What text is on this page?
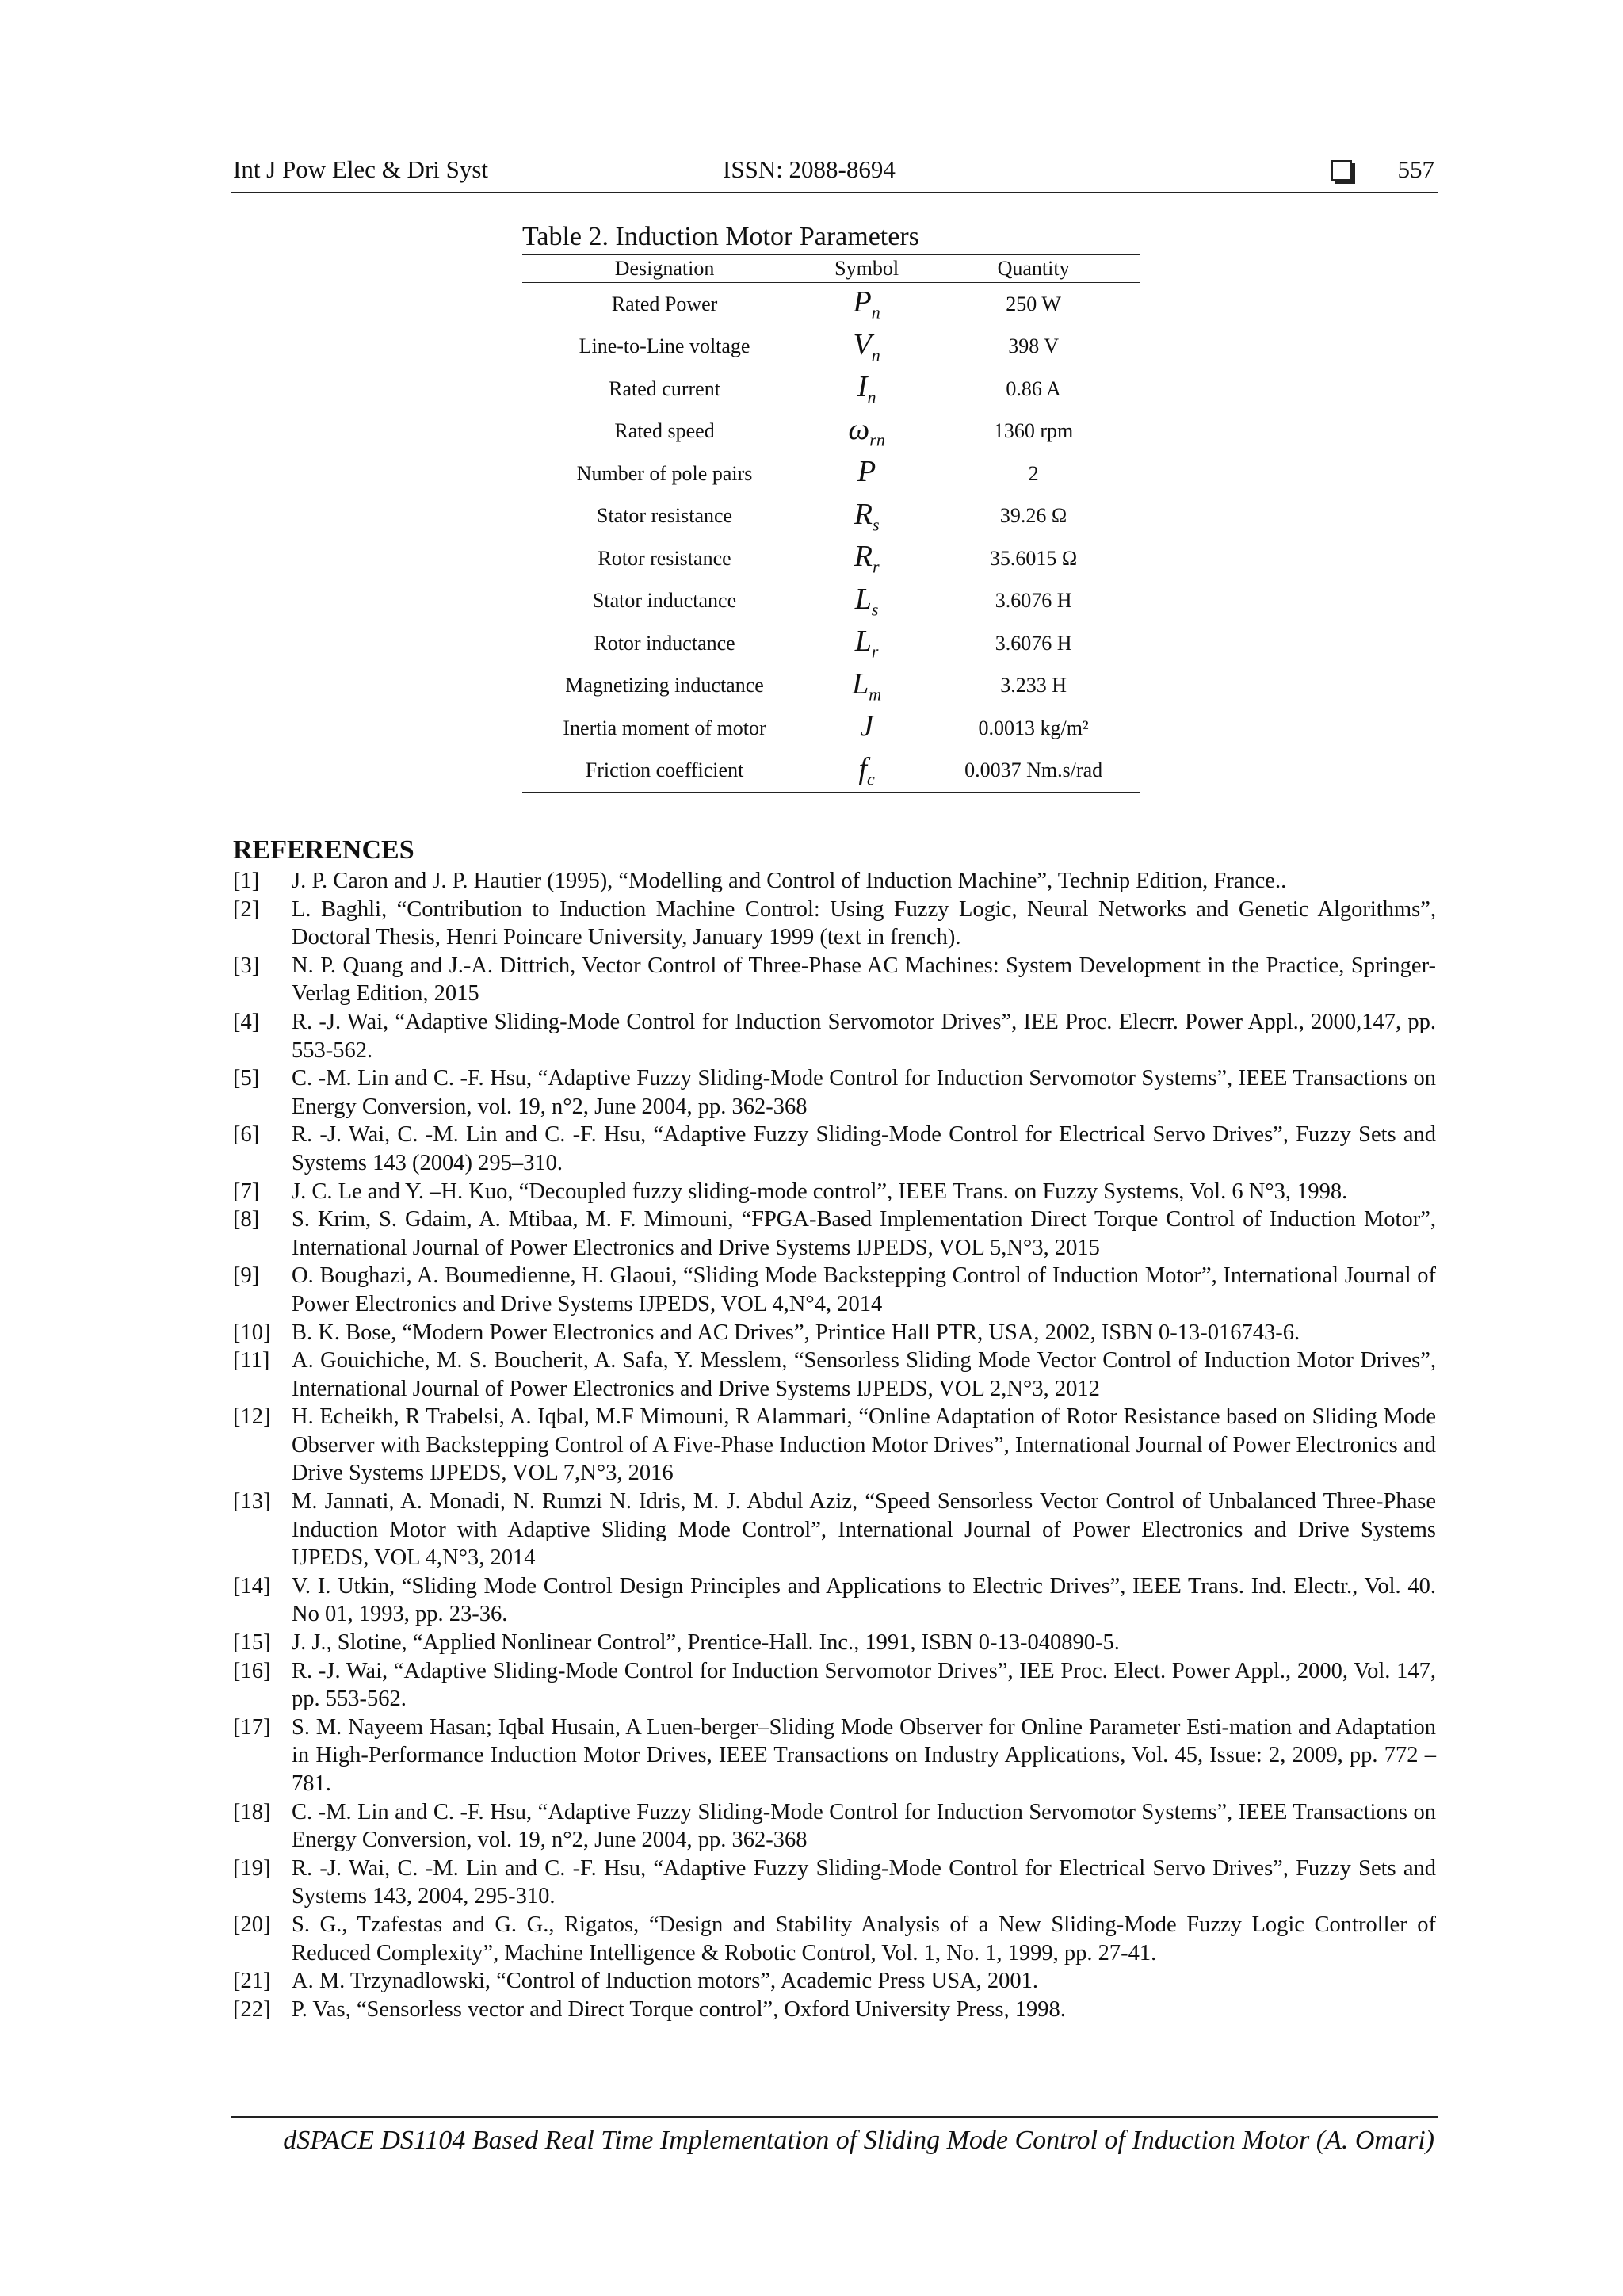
Int J Pow Elec & Dri Syst	ISSN: 2088-8694	557
Table 2. Induction Motor Parameters
Designation	Symbol	Quantity
Rated Power	$P_n$	250 W
Line-to-Line voltage	$V_n$	398 V
Rated current	$I_n$	0.86 A
Rated speed	$\omega_{rn}$	1360 rpm
Number of pole pairs	P	2
Stator resistance	$R_s$	39.26 Ω
Rotor resistance	$R_r$	35.6015 Ω
Stator inductance	$L_s$	3.6076 H
Rotor inductance	$L_r$	3.6076 H
Magnetizing inductance	$L_m$	3.233 H
Inertia moment of motor	J	0.0013 kg/m²
Friction coefficient	$f_c$	0.0037 Nm.s/rad
REFERENCES
[1] J. P. Caron and J. P. Hautier (1995), “Modelling and Control of Induction Machine”, Technip Edition, France..
[2] L. Baghli, “Contribution to Induction Machine Control: Using Fuzzy Logic, Neural Networks and Genetic Algorithms”, Doctoral Thesis, Henri Poincare University, January 1999 (text in french).
[3] N. P. Quang and J.-A. Dittrich, Vector Control of Three-Phase AC Machines: System Development in the Practice, Springer- Verlag Edition, 2015
[4] R. -J. Wai, “Adaptive Sliding-Mode Control for Induction Servomotor Drives”, IEE Proc. Elecrr. Power Appl., 2000,147, pp. 553-562.
[5] C. -M. Lin and C. -F. Hsu, “Adaptive Fuzzy Sliding-Mode Control for Induction Servomotor Systems”, IEEE Transactions on Energy Conversion, vol. 19, n°2, June 2004, pp. 362-368
[6] R. -J. Wai, C. -M. Lin and C. -F. Hsu, “Adaptive Fuzzy Sliding-Mode Control for Electrical Servo Drives”, Fuzzy Sets and Systems 143 (2004) 295–310.
[7] J. C. Le and Y. –H. Kuo, “Decoupled fuzzy sliding-mode control”, IEEE Trans. on Fuzzy Systems, Vol. 6 N°3, 1998.
[8] S. Krim, S. Gdaim, A. Mtibaa, M. F. Mimouni, “FPGA-Based Implementation Direct Torque Control of Induction Motor”, International Journal of Power Electronics and Drive Systems IJPEDS, VOL 5,N°3, 2015
[9] O. Boughazi, A. Boumedienne, H. Glaoui, “Sliding Mode Backstepping Control of Induction Motor”, International Journal of Power Electronics and Drive Systems IJPEDS, VOL 4,N°4, 2014
[10] B. K. Bose, “Modern Power Electronics and AC Drives”, Printice Hall PTR, USA, 2002, ISBN 0-13-016743-6.
[11] A. Gouichiche, M. S. Boucherit, A. Safa, Y. Messlem, “Sensorless Sliding Mode Vector Control of Induction Motor Drives”, International Journal of Power Electronics and Drive Systems IJPEDS, VOL 2,N°3, 2012
[12] H. Echeikh, R Trabelsi, A. Iqbal, M.F Mimouni, R Alammari, “Online Adaptation of Rotor Resistance based on Sliding Mode Observer with Backstepping Control of A Five-Phase Induction Motor Drives”, International Journal of Power Electronics and Drive Systems IJPEDS, VOL 7,N°3, 2016
[13] M. Jannati, A. Monadi, N. Rumzi N. Idris, M. J. Abdul Aziz, “Speed Sensorless Vector Control of Unbalanced Three-Phase Induction Motor with Adaptive Sliding Mode Control”, International Journal of Power Electronics and Drive Systems IJPEDS, VOL 4,N°3, 2014
[14] V. I. Utkin, “Sliding Mode Control Design Principles and Applications to Electric Drives”, IEEE Trans. Ind. Electr., Vol. 40. No 01, 1993, pp. 23-36.
[15] J. J., Slotine, “Applied Nonlinear Control”, Prentice-Hall. Inc., 1991, ISBN 0-13-040890-5.
[16] R. -J. Wai, “Adaptive Sliding-Mode Control for Induction Servomotor Drives”, IEE Proc. Elect. Power Appl., 2000, Vol. 147, pp. 553-562.
[17] S. M. Nayeem Hasan; Iqbal Husain, A Luen-berger–Sliding Mode Observer for Online Parameter Esti-mation and Adaptation in High-Performance Induction Motor Drives, IEEE Transactions on Industry Applications, Vol. 45, Issue: 2, 2009, pp. 772 – 781.
[18] C. -M. Lin and C. -F. Hsu, “Adaptive Fuzzy Sliding-Mode Control for Induction Servomotor Systems”, IEEE Transactions on Energy Conversion, vol. 19, n°2, June 2004, pp. 362-368
[19] R. -J. Wai, C. -M. Lin and C. -F. Hsu, “Adaptive Fuzzy Sliding-Mode Control for Electrical Servo Drives”, Fuzzy Sets and Systems 143, 2004, 295-310.
[20] S. G., Tzafestas and G. G., Rigatos, “Design and Stability Analysis of a New Sliding-Mode Fuzzy Logic Controller of Reduced Complexity”, Machine Intelligence & Robotic Control, Vol. 1, No. 1, 1999, pp. 27-41.
[21] A. M. Trzynadlowski, “Control of Induction motors”, Academic Press USA, 2001.
[22] P. Vas, “Sensorless vector and Direct Torque control”, Oxford University Press, 1998.
dSPACE DS1104 Based Real Time Implementation of Sliding Mode Control of Induction Motor (A. Omari)
